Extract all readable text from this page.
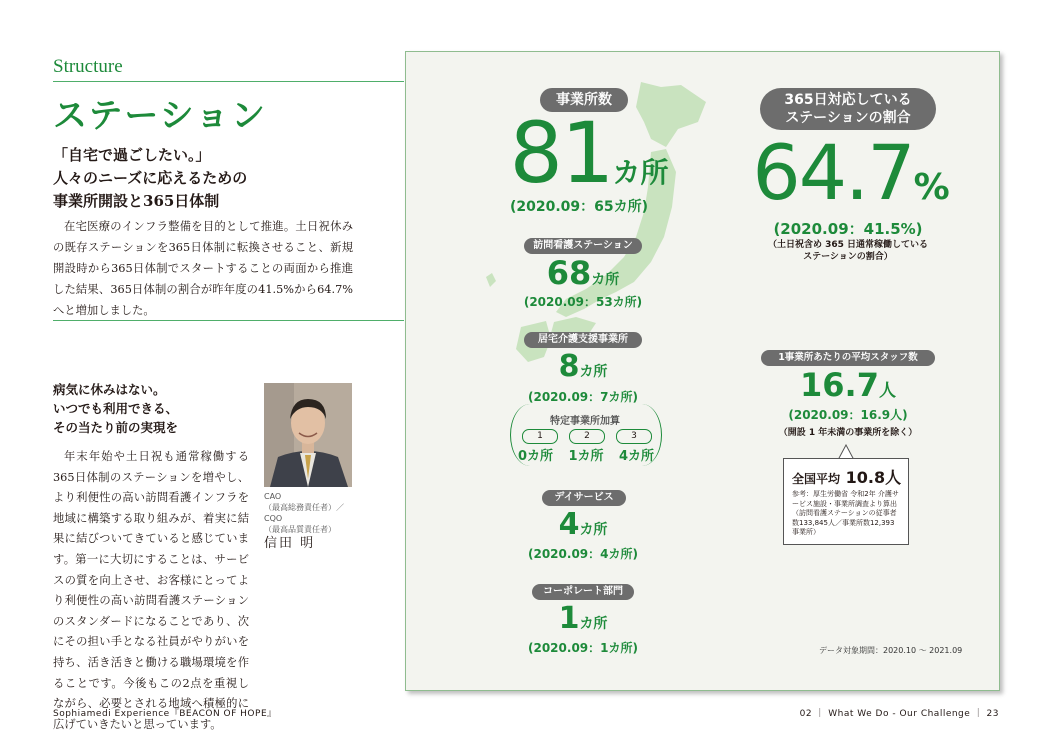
Structure
ステーション
「自宅で過ごしたい。」
人々のニーズに応えるための
事業所開設と365日体制
在宅医療のインフラ整備を目的として推進。土日祝休みの既存ステーションを365日体制に転換させること、新規開設時から365日体制でスタートすることの両面から推進した結果、365日体制の割合が昨年度の41.5%から64.7%へと増加しました。
病気に休みはない。
いつでも利用できる、
その当たり前の実現を
年末年始や土日祝も通常稼働する365日体制のステーションを増やし、より利便性の高い訪問看護インフラを地域に構築する取り組みが、着実に結果に結びついてきていると感じています。第一に大切にすることは、サービスの質を向上させ、お客様にとってより利便性の高い訪問看護ステーションのスタンダードになることであり、次にその担い手となる社員がやりがいを持ち、活き活きと働ける職場環境を作ることです。今後もこの2点を重視しながら、必要とされる地域へ積極的に広げていきたいと思っています。
CAO
（最高総務責任者）／
CQO
（最高品質責任者）
信田 明
Sophiamedi Experience『BEACON OF HOPE』	02 ｜ What We Do - Our Challenge ｜ 23
事業所数
81カ所
(2020.09：65カ所)
訪問看護ステーション
68カ所
(2020.09：53カ所)
居宅介護支援事業所
8カ所
(2020.09：7カ所)
特定事業所加算
1	2	3
0カ所 1カ所 4カ所
デイサービス
4カ所
(2020.09：4カ所)
コーポレート部門
1カ所
(2020.09：1カ所)
365日対応している
ステーションの割合
64.7%
(2020.09：41.5%)
（土日祝含め 365 日通常稼働している
ステーションの割合）
1事業所あたりの平均スタッフ数
16.7人
(2020.09：16.9人)
（開設 1 年未満の事業所を除く）
全国平均 10.8人
参考：厚生労働省 令和2年 介護サービス施設・事業所調査より算出（訪問看護ステーションの従事者数133,845人／事業所数12,393事業所）
データ対象期間：2020.10 ～ 2021.09
